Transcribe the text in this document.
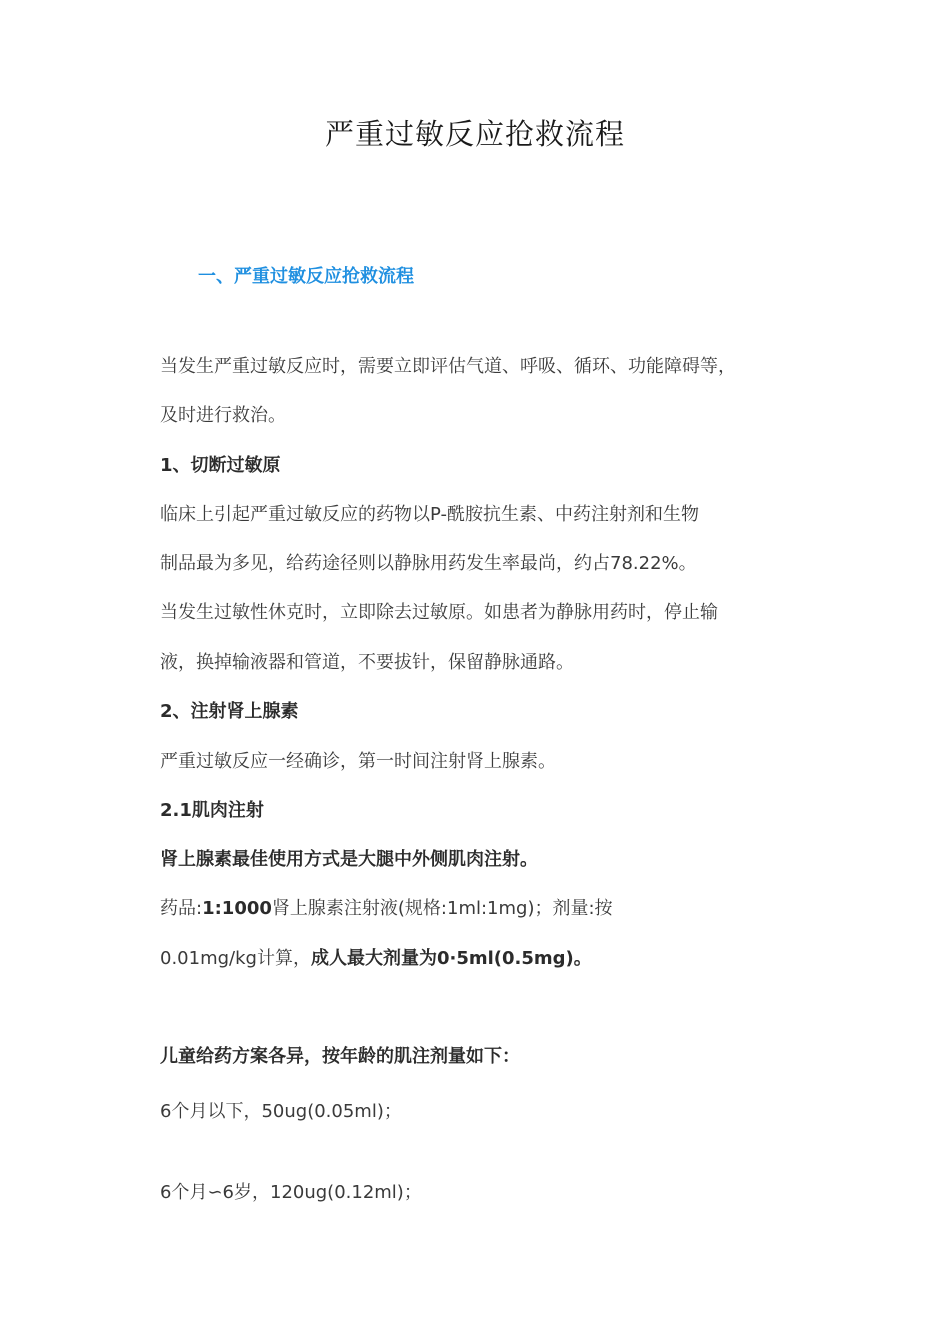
严重过敏反应抢救流程
一、严重过敏反应抢救流程
当发生严重过敏反应时，需要立即评估气道、呼吸、循环、功能障碍等，
及时进行救治。
1、切断过敏原
临床上引起严重过敏反应的药物以P-酰胺抗生素、中药注射剂和生物
制品最为多见，给药途径则以静脉用药发生率最尚，约占78.22%。
当发生过敏性休克时，立即除去过敏原。如患者为静脉用药时，停止输
液，换掉输液器和管道，不要拔针，保留静脉通路。
2、注射肾上腺素
严重过敏反应一经确诊，第一时间注射肾上腺素。
2.1肌肉注射
肾上腺素最佳使用方式是大腿中外侧肌肉注射。
药品:1:1000肾上腺素注射液(规格:1ml:1mg)；剂量:按
0.01mg/kg计算，成人最大剂量为0·5ml(0.5mg)。
儿童给药方案各异，按年龄的肌注剂量如下：
6个月以下，50ug(0.05ml)；
6个月∽6岁，120ug(0.12ml)；
